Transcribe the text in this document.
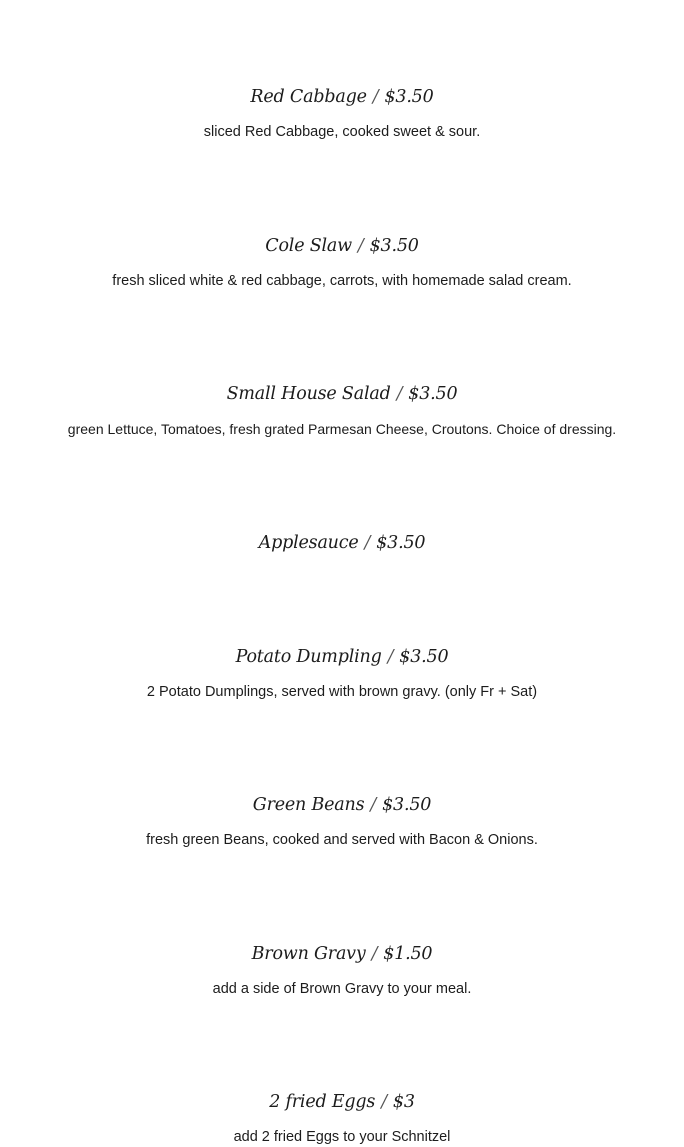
Red Cabbage / $3.50
sliced Red Cabbage, cooked sweet & sour.
Cole Slaw / $3.50
fresh sliced white & red cabbage, carrots, with homemade salad cream.
Small House Salad / $3.50
green Lettuce, Tomatoes, fresh grated Parmesan Cheese, Croutons. Choice of dressing.
Applesauce / $3.50
Potato Dumpling / $3.50
2 Potato Dumplings, served with brown gravy. (only Fr + Sat)
Green Beans / $3.50
fresh green Beans, cooked and served with Bacon & Onions.
Brown Gravy / $1.50
add a side of Brown Gravy to your meal.
2 fried Eggs / $3
add 2 fried Eggs to your Schnitzel
